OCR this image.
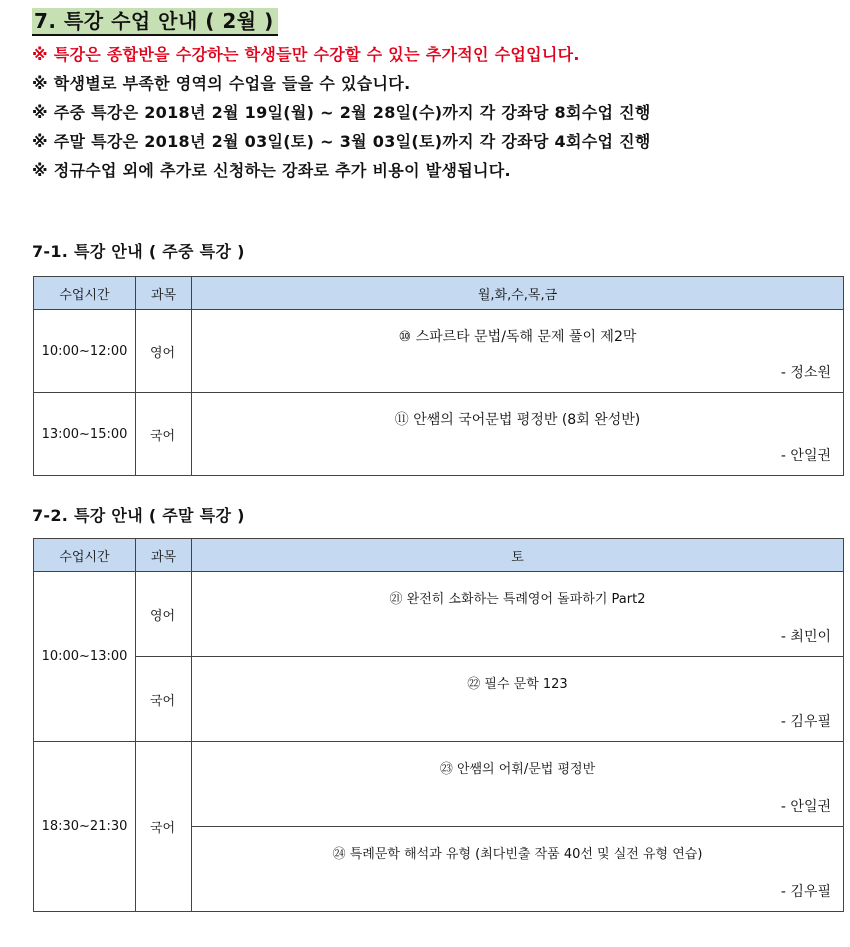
7. 특강 수업 안내 ( 2월 )
※ 특강은 종합반을 수강하는 학생들만 수강할 수 있는 추가적인 수업입니다.
※ 학생별로 부족한 영역의 수업을 들을 수 있습니다.
※ 주중 특강은 2018년 2월 19일(월) ~ 2월 28일(수)까지 각 강좌당 8회수업 진행
※ 주말 특강은 2018년 2월 03일(토) ~ 3월 03일(토)까지 각 강좌당 4회수업 진행
※ 정규수업 외에 추가로 신청하는 강좌로 추가 비용이 발생됩니다.
7-1. 특강 안내 ( 주중 특강 )
수업시간	과목	월,화,수,목,금
10:00~12:00	영어	⑩ 스파르타 문법/독해 문제 풀이 제2막
- 정소원

13:00~15:00	국어	⑪ 안쌤의 국어문법 평정반 (8회 완성반)
- 안일권
7-2. 특강 안내 ( 주말 특강 )
수업시간	과목	토
10:00~13:00	영어	㉑ 완전히 소화하는 특례영어 돌파하기 Part2
- 최민이

	국어	㉒ 필수 문학 123
- 김우필

18:30~21:30	국어	㉓ 안쌤의 어휘/문법 평정반
- 안일권

		㉔ 특례문학 해석과 유형 (최다빈출 작품 40선 및 실전 유형 연습)
- 김우필
